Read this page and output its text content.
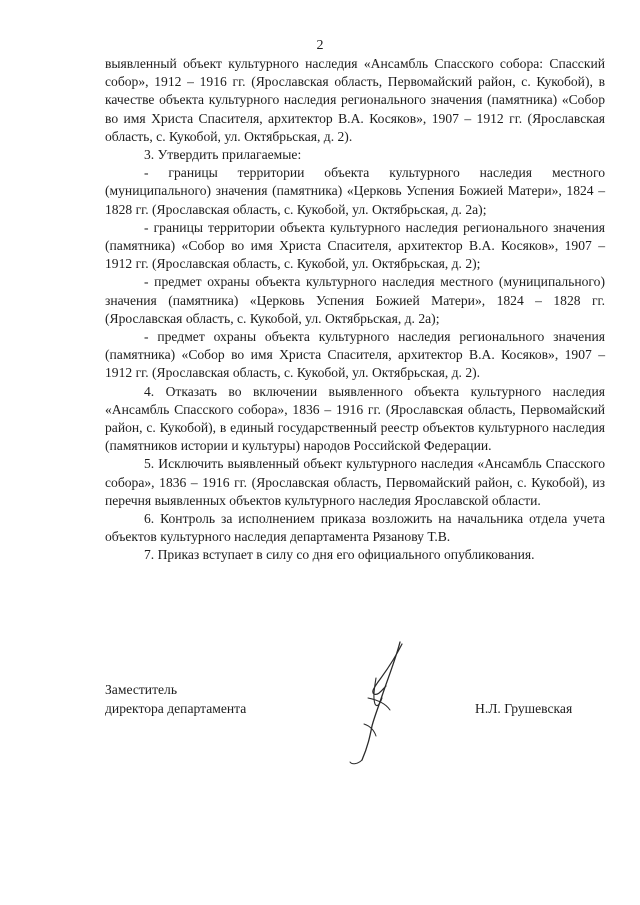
2

выявленный объект культурного наследия «Ансамбль Спасского собора: Спасский собор», 1912 – 1916 гг. (Ярославская область, Первомайский район, с. Кукобой), в качестве объекта культурного наследия регионального значения (памятника) «Собор во имя Христа Спасителя, архитектор В.А. Косяков», 1907 – 1912 гг. (Ярославская область, с. Кукобой, ул. Октябрьская, д. 2).

3. Утвердить прилагаемые:

- границы территории объекта культурного наследия местного (муниципального) значения (памятника) «Церковь Успения Божией Матери», 1824 – 1828 гг. (Ярославская область, с. Кукобой, ул. Октябрьская, д. 2а);

- границы территории объекта культурного наследия регионального значения (памятника) «Собор во имя Христа Спасителя, архитектор В.А. Косяков», 1907 – 1912 гг. (Ярославская область, с. Кукобой, ул. Октябрьская, д. 2);

- предмет охраны объекта культурного наследия местного (муниципального) значения (памятника) «Церковь Успения Божией Матери», 1824 – 1828 гг. (Ярославская область, с. Кукобой, ул. Октябрьская, д. 2а);

- предмет охраны объекта культурного наследия регионального значения (памятника) «Собор во имя Христа Спасителя, архитектор В.А. Косяков», 1907 – 1912 гг. (Ярославская область, с. Кукобой, ул. Октябрьская, д. 2).

4. Отказать во включении выявленного объекта культурного наследия «Ансамбль Спасского собора», 1836 – 1916 гг. (Ярославская область, Первомайский район, с. Кукобой), в единый государственный реестр объектов культурного наследия (памятников истории и культуры) народов Российской Федерации.

5. Исключить выявленный объект культурного наследия «Ансамбль Спасского собора», 1836 – 1916 гг. (Ярославская область, Первомайский район, с. Кукобой), из перечня выявленных объектов культурного наследия Ярославской области.

6. Контроль за исполнением приказа возложить на начальника отдела учета объектов культурного наследия департамента Рязанову Т.В.

7. Приказ вступает в силу со дня его официального опубликования.

Заместитель
директора департамента	Н.Л. Грушевская
